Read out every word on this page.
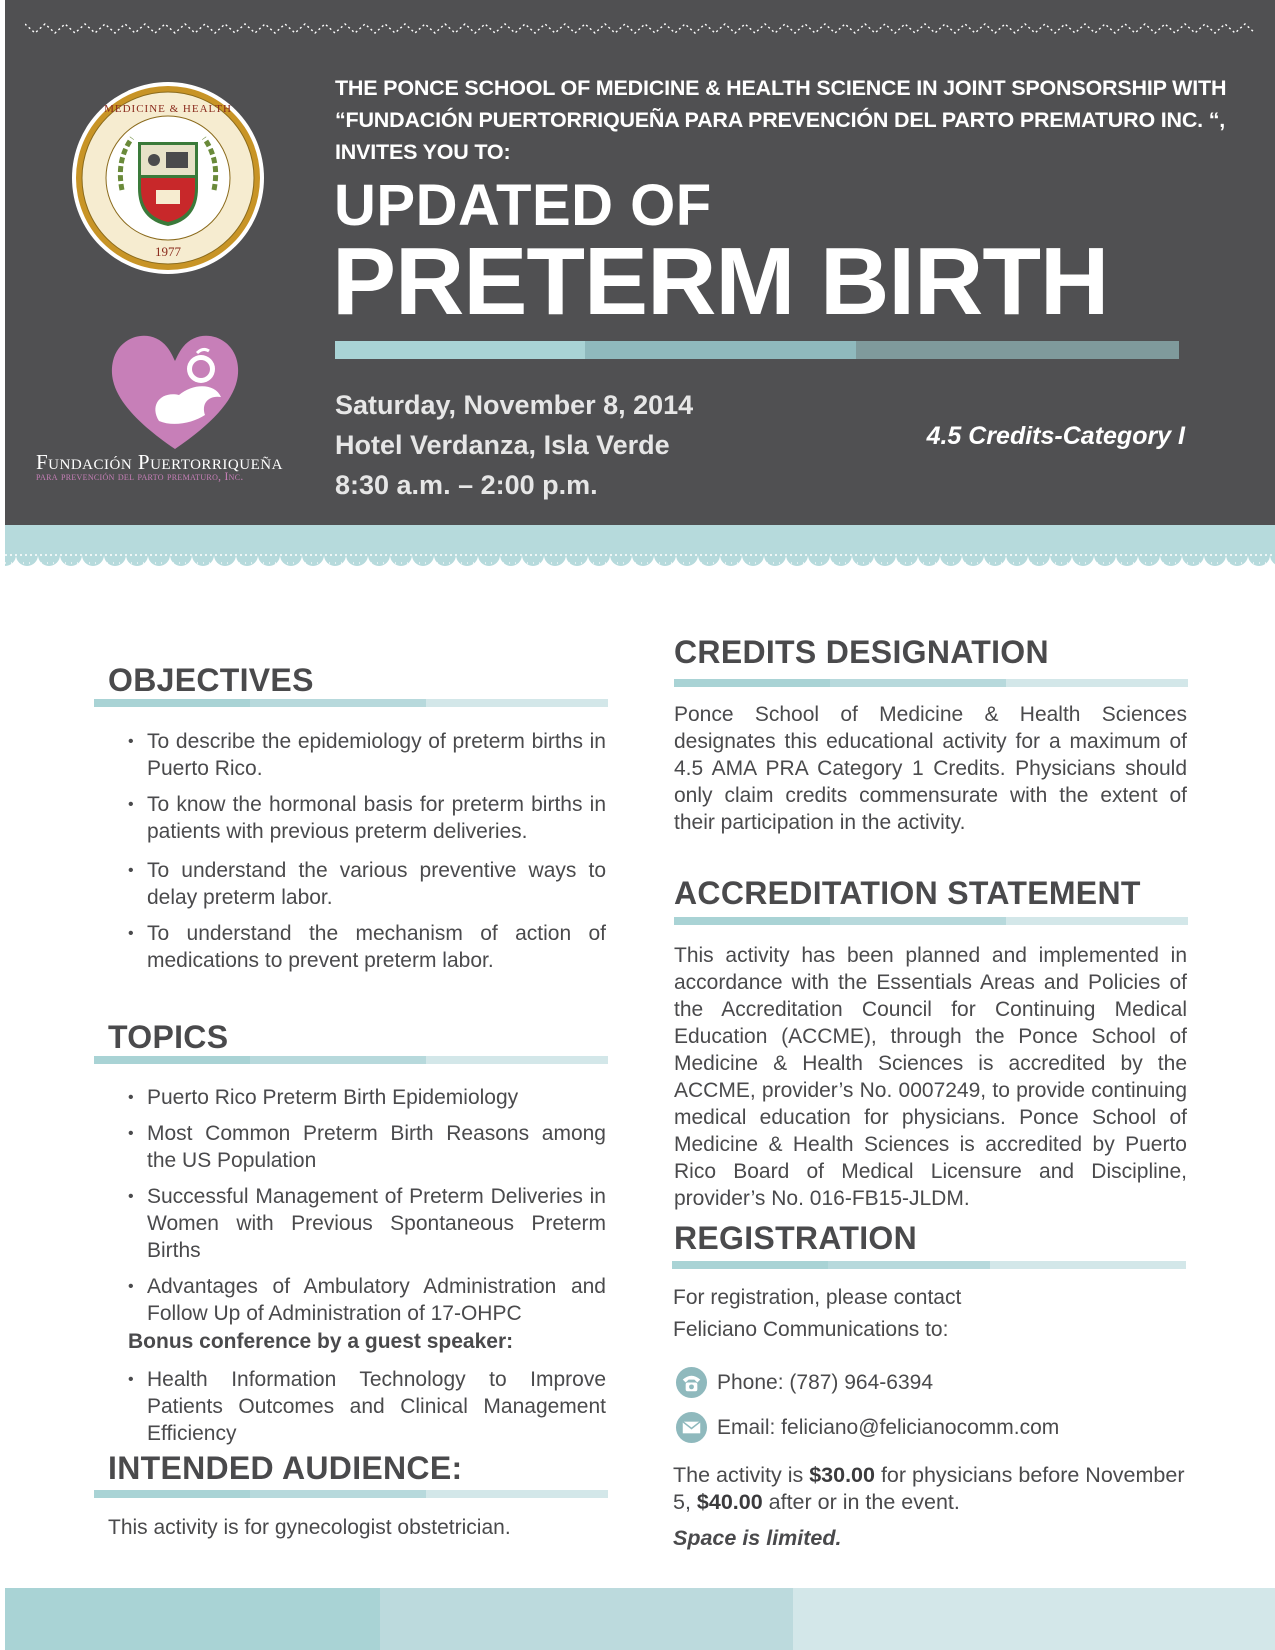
1977
MEDICINE & HEALTH
Fundación Puertorriqueña
para prevención del parto prematuro, Inc.
THE PONCE SCHOOL OF MEDICINE & HEALTH SCIENCE IN JOINT SPONSORSHIP WITH
“FUNDACIÓN PUERTORRIQUEÑA PARA PREVENCIÓN DEL PARTO PREMATURO INC. “,
INVITES YOU TO:
UPDATED OF
PRETERM BIRTH
Saturday, November 8, 2014
Hotel Verdanza, Isla Verde
8:30 a.m. – 2:00 p.m.
4.5 Credits-Category I
OBJECTIVES
• To describe the epidemiology of preterm births in Puerto Rico.
• To know the hormonal basis for preterm births in patients with previous preterm deliveries.
• To understand the various preventive ways to delay preterm labor.
• To understand the mechanism of action of medications to prevent preterm labor.
TOPICS
• Puerto Rico Preterm Birth Epidemiology
• Most Common Preterm Birth Reasons among the US Population
• Successful Management of Preterm Deliveries in Women with Previous Spontaneous Preterm Births
• Advantages of Ambulatory Administration and Follow Up of Administration of 17-OHPC
Bonus conference by a guest speaker:
• Health Information Technology to Improve Patients Outcomes and Clinical Management Efficiency
INTENDED AUDIENCE:
This activity is for gynecologist obstetrician.
CREDITS DESIGNATION
Ponce School of Medicine & Health Sciences designates this educational activity for a maximum of 4.5 AMA PRA Category 1 Credits. Physicians should only claim credits commensurate with the extent of their participation in the activity.
ACCREDITATION STATEMENT
This activity has been planned and implemented in accordance with the Essentials Areas and Policies of the Accreditation Council for Continuing Medical Education (ACCME), through the Ponce School of Medicine & Health Sciences is accredited by the ACCME, provider’s No. 0007249, to provide continuing medical education for physicians. Ponce School of Medicine & Health Sciences is accredited by Puerto Rico Board of Medical Licensure and Discipline, provider’s No. 016-FB15-JLDM.
REGISTRATION
For registration, please contact
Feliciano Communications to:
Phone: (787) 964-6394
Email: feliciano@felicianocomm.com
The activity is $30.00 for physicians before November 5, $40.00 after or in the event.
Space is limited.
